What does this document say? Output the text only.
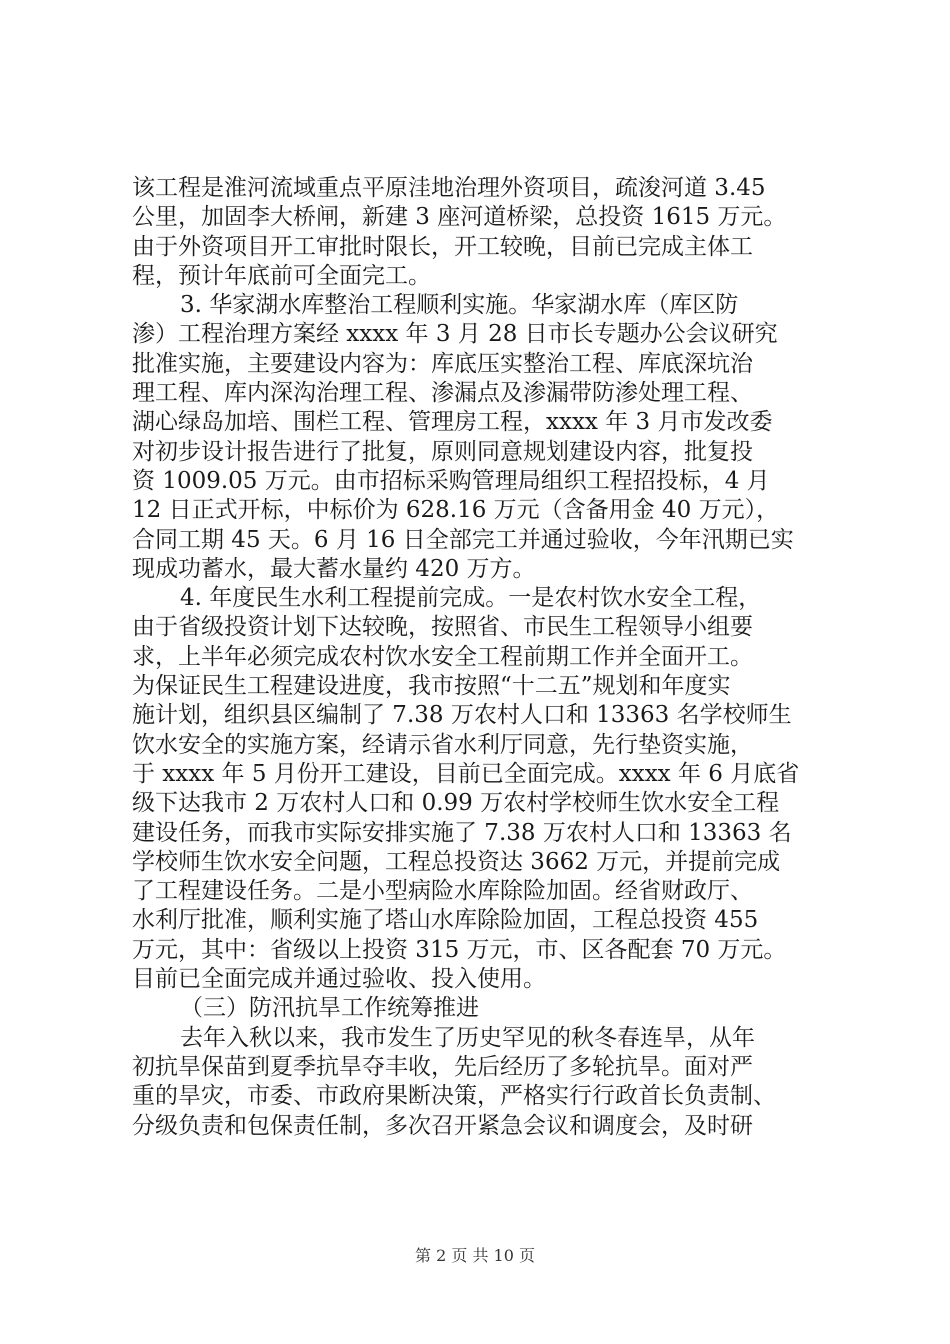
该工程是淮河流域重点平原洼地治理外资项目，疏浚河道 3.45
公里，加固李大桥闸，新建 3 座河道桥梁，总投资 1615 万元。
由于外资项目开工审批时限长，开工较晚，目前已完成主体工
程，预计年底前可全面完工。
3. 华家湖水库整治工程顺利实施。华家湖水库（库区防
渗）工程治理方案经 xxxx 年 3 月 28 日市长专题办公会议研究
批准实施，主要建设内容为：库底压实整治工程、库底深坑治
理工程、库内深沟治理工程、渗漏点及渗漏带防渗处理工程、
湖心绿岛加培、围栏工程、管理房工程，xxxx 年 3 月市发改委
对初步设计报告进行了批复，原则同意规划建设内容，批复投
资 1009.05 万元。由市招标采购管理局组织工程招投标，4 月
12 日正式开标，中标价为 628.16 万元（含备用金 40 万元），
合同工期 45 天。6 月 16 日全部完工并通过验收，今年汛期已实
现成功蓄水，最大蓄水量约 420 万方。
4. 年度民生水利工程提前完成。一是农村饮水安全工程，
由于省级投资计划下达较晚，按照省、市民生工程领导小组要
求，上半年必须完成农村饮水安全工程前期工作并全面开工。
为保证民生工程建设进度，我市按照“十二五”规划和年度实
施计划，组织县区编制了 7.38 万农村人口和 13363 名学校师生
饮水安全的实施方案，经请示省水利厅同意，先行垫资实施，
于 xxxx 年 5 月份开工建设，目前已全面完成。xxxx 年 6 月底省
级下达我市 2 万农村人口和 0.99 万农村学校师生饮水安全工程
建设任务，而我市实际安排实施了 7.38 万农村人口和 13363 名
学校师生饮水安全问题，工程总投资达 3662 万元，并提前完成
了工程建设任务。二是小型病险水库除险加固。经省财政厅、
水利厅批准，顺利实施了塔山水库除险加固，工程总投资 455
万元，其中：省级以上投资 315 万元，市、区各配套 70 万元。
目前已全面完成并通过验收、投入使用。
（三）防汛抗旱工作统筹推进
去年入秋以来，我市发生了历史罕见的秋冬春连旱，从年
初抗旱保苗到夏季抗旱夺丰收，先后经历了多轮抗旱。面对严
重的旱灾，市委、市政府果断决策，严格实行行政首长负责制、
分级负责和包保责任制，多次召开紧急会议和调度会，及时研
第 2 页 共 10 页
